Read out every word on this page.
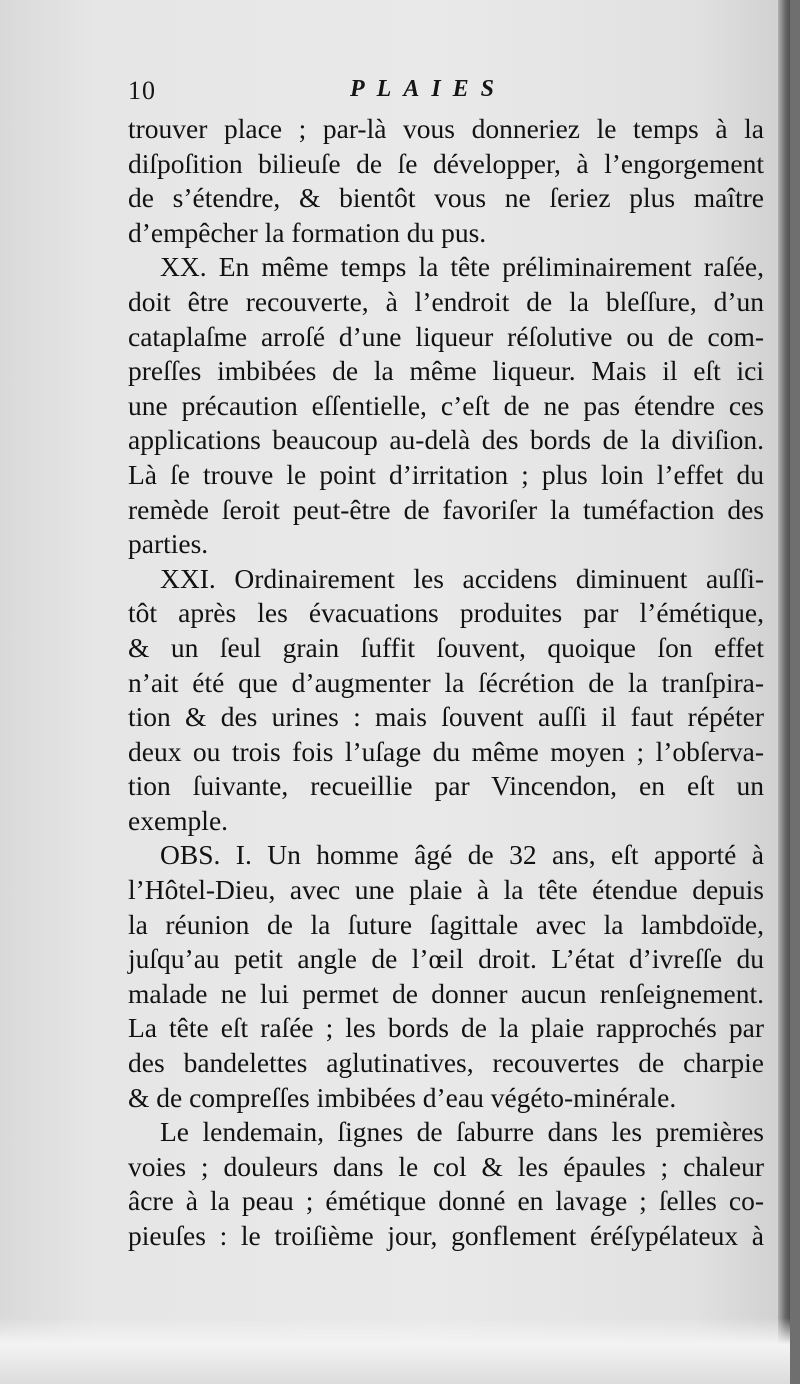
10	PLAIES
trouver place ; par-là vous donneriez le temps à la
diſpoſition bilieuſe de ſe développer, à l’engorgement
de s’étendre, & bientôt vous ne ſeriez plus maître
d’empêcher la formation du pus.
XX. En même temps la tête préliminairement raſée,
doit être recouverte, à l’endroit de la bleſſure, d’un
cataplaſme arroſé d’une liqueur réſolutive ou de com-
preſſes imbibées de la même liqueur. Mais il eſt ici
une précaution eſſentielle, c’eſt de ne pas étendre ces
applications beaucoup au-delà des bords de la diviſion.
Là ſe trouve le point d’irritation ; plus loin l’effet du
remède ſeroit peut-être de favoriſer la tuméfaction des
parties.
XXI. Ordinairement les accidens diminuent auſſi-
tôt après les évacuations produites par l’émétique,
& un ſeul grain ſuffit ſouvent, quoique ſon effet
n’ait été que d’augmenter la ſécrétion de la tranſpira-
tion & des urines : mais ſouvent auſſi il faut répéter
deux ou trois fois l’uſage du même moyen ; l’obſerva-
tion ſuivante, recueillie par Vincendon, en eſt un
exemple.
OBS. I. Un homme âgé de 32 ans, eſt apporté à
l’Hôtel-Dieu, avec une plaie à la tête étendue depuis
la réunion de la ſuture ſagittale avec la lambdoïde,
juſqu’au petit angle de l’œil droit. L’état d’ivreſſe du
malade ne lui permet de donner aucun renſeignement.
La tête eſt raſée ; les bords de la plaie rapprochés par
des bandelettes aglutinatives, recouvertes de charpie
& de compreſſes imbibées d’eau végéto-minérale.
Le lendemain, ſignes de ſaburre dans les premières
voies ; douleurs dans le col & les épaules ; chaleur
âcre à la peau ; émétique donné en lavage ; ſelles co-
pieuſes : le troiſième jour, gonflement éréſypélateux à
